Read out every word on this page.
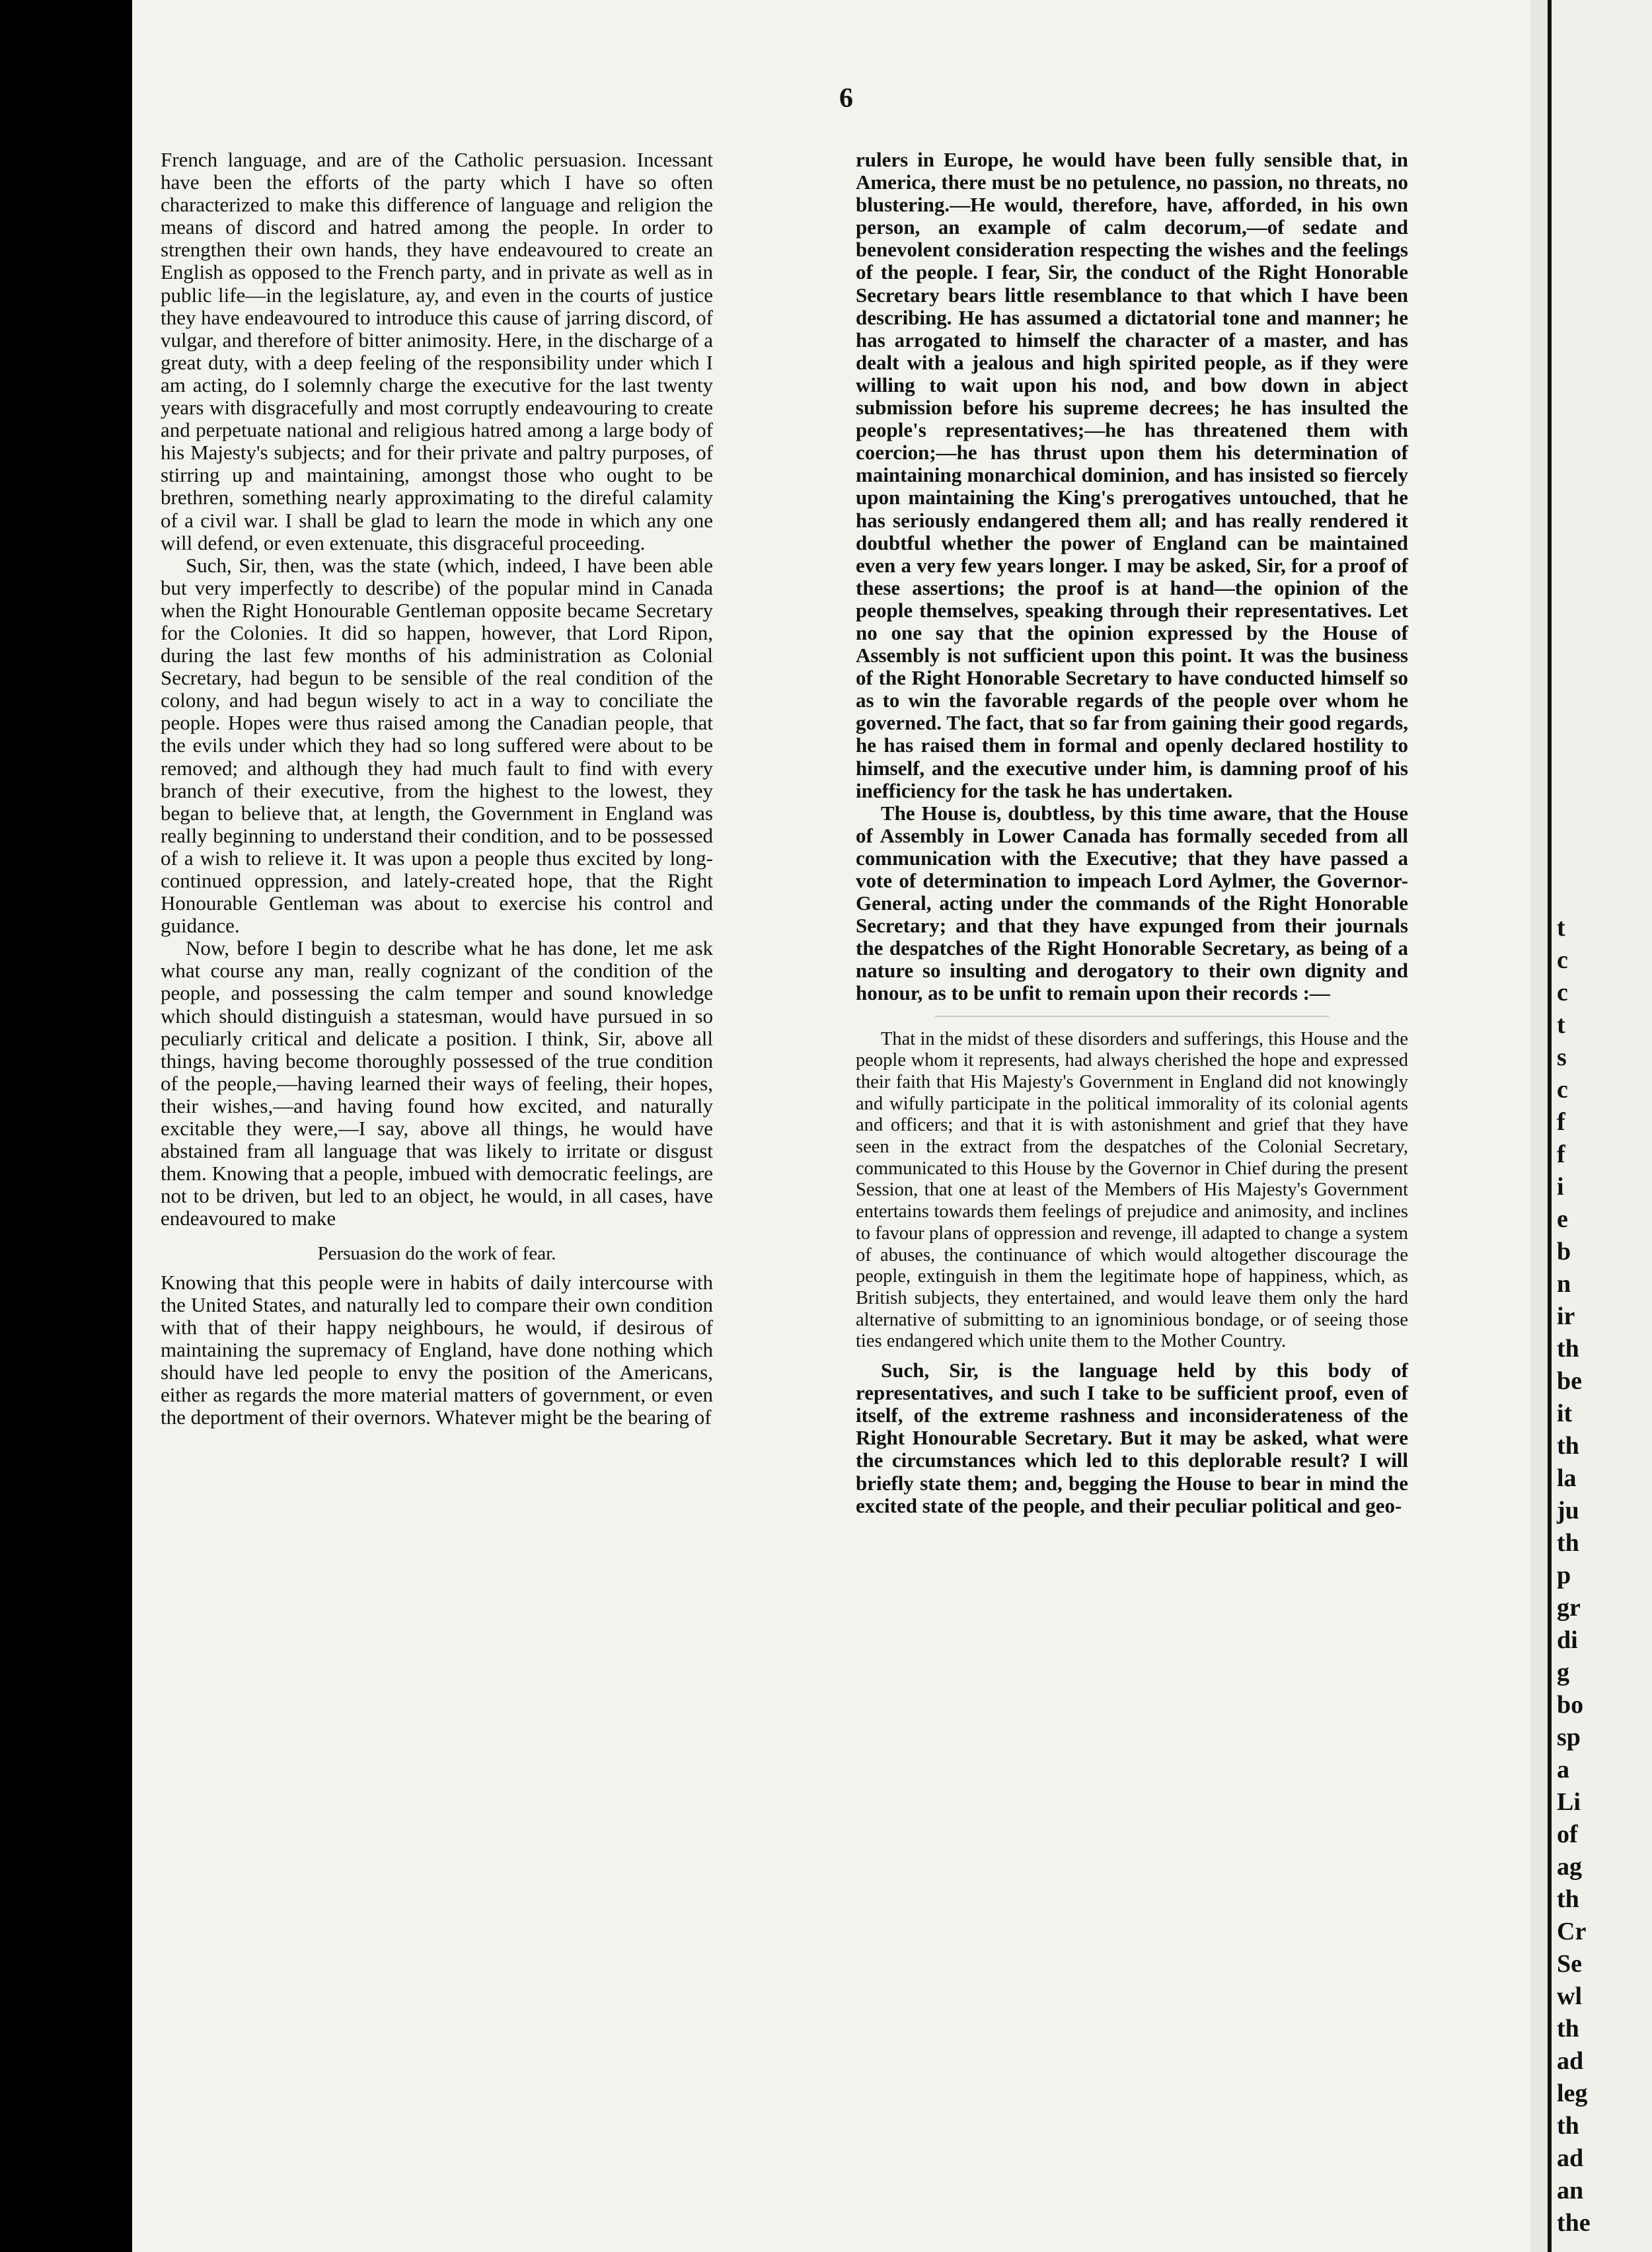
t
c
c
t
s
c
f
f
i
e
b
n
ir
th
be
it
th
la
ju
th
p
gr
di
g
bo
sp
a
Li
of
ag
th
Cr
Se
wl
th
ad
leg
th
ad
an
the
6

French language, and are of the Catholic persuasion. Incessant have been the efforts of the party which I have so often characterized to make this difference of language and religion the means of discord and hatred among the people. In order to strengthen their own hands, they have endeavoured to create an English as opposed to the French party, and in private as well as in public life—in the legislature, ay, and even in the courts of justice they have endeavoured to introduce this cause of jarring discord, of vulgar, and therefore of bitter animosity. Here, in the discharge of a great duty, with a deep feeling of the responsibility under which I am acting, do I solemnly charge the executive for the last twenty years with disgracefully and most corruptly endeavouring to create and perpetuate national and religious hatred among a large body of his Majesty's subjects; and for their private and paltry purposes, of stirring up and maintaining, amongst those who ought to be brethren, something nearly approximating to the direful calamity of a civil war. I shall be glad to learn the mode in which any one will defend, or even extenuate, this disgraceful proceeding.

Such, Sir, then, was the state (which, indeed, I have been able but very imperfectly to describe) of the popular mind in Canada when the Right Honourable Gentleman opposite became Secretary for the Colonies. It did so happen, however, that Lord Ripon, during the last few months of his administration as Colonial Secretary, had begun to be sensible of the real condition of the colony, and had begun wisely to act in a way to conciliate the people. Hopes were thus raised among the Canadian people, that the evils under which they had so long suffered were about to be removed; and although they had much fault to find with every branch of their executive, from the highest to the lowest, they began to believe that, at length, the Government in England was really beginning to understand their condition, and to be possessed of a wish to relieve it. It was upon a people thus excited by long-continued oppression, and lately-created hope, that the Right Honourable Gentleman was about to exercise his control and guidance.

Now, before I begin to describe what he has done, let me ask what course any man, really cognizant of the condition of the people, and possessing the calm temper and sound knowledge which should distinguish a statesman, would have pursued in so peculiarly critical and delicate a position. I think, Sir, above all things, having become thoroughly possessed of the true condition of the people,—having learned their ways of feeling, their hopes, their wishes,—and having found how excited, and naturally excitable they were,—I say, above all things, he would have abstained fram all language that was likely to irritate or disgust them. Knowing that a people, imbued with democratic feelings, are not to be driven, but led to an object, he would, in all cases, have endeavoured to make

Persuasion do the work of fear.

Knowing that this people were in habits of daily intercourse with the United States, and naturally led to compare their own condition with that of their happy neighbours, he would, if desirous of maintaining the supremacy of England, have done nothing which should have led people to envy the position of the Americans, either as regards the more material matters of government, or even the deportment of their overnors. Whatever might be the bearing of

rulers in Europe, he would have been fully sensible that, in America, there must be no petulence, no passion, no threats, no blustering.—He would, therefore, have, afforded, in his own person, an example of calm decorum,—of sedate and benevolent consideration respecting the wishes and the feelings of the people. I fear, Sir, the conduct of the Right Honorable Secretary bears little resemblance to that which I have been describing. He has assumed a dictatorial tone and manner; he has arrogated to himself the character of a master, and has dealt with a jealous and high spirited people, as if they were willing to wait upon his nod, and bow down in abject submission before his supreme decrees; he has insulted the people's representatives;—he has threatened them with coercion;—he has thrust upon them his determination of maintaining monarchical dominion, and has insisted so fiercely upon maintaining the King's prerogatives untouched, that he has seriously endangered them all; and has really rendered it doubtful whether the power of England can be maintained even a very few years longer. I may be asked, Sir, for a proof of these assertions; the proof is at hand—the opinion of the people themselves, speaking through their representatives. Let no one say that the opinion expressed by the House of Assembly is not sufficient upon this point. It was the business of the Right Honorable Secretary to have conducted himself so as to win the favorable regards of the people over whom he governed. The fact, that so far from gaining their good regards, he has raised them in formal and openly declared hostility to himself, and the executive under him, is damning proof of his inefficiency for the task he has undertaken.

The House is, doubtless, by this time aware, that the House of Assembly in Lower Canada has formally seceded from all communication with the Executive; that they have passed a vote of determination to impeach Lord Aylmer, the Governor-General, acting under the commands of the Right Honorable Secretary; and that they have expunged from their journals the despatches of the Right Honorable Secretary, as being of a nature so insulting and derogatory to their own dignity and honour, as to be unfit to remain upon their records :—

That in the midst of these disorders and sufferings, this House and the people whom it represents, had always cherished the hope and expressed their faith that His Majesty's Government in England did not knowingly and wifully participate in the political immorality of its colonial agents and officers; and that it is with astonishment and grief that they have seen in the extract from the despatches of the Colonial Secretary, communicated to this House by the Governor in Chief during the present Session, that one at least of the Members of His Majesty's Government entertains towards them feelings of prejudice and animosity, and inclines to favour plans of oppression and revenge, ill adapted to change a system of abuses, the continuance of which would altogether discourage the people, extinguish in them the legitimate hope of happiness, which, as British subjects, they entertained, and would leave them only the hard alternative of submitting to an ignominious bondage, or of seeing those ties endangered which unite them to the Mother Country.

Such, Sir, is the language held by this body of representatives, and such I take to be sufficient proof, even of itself, of the extreme rashness and inconsiderateness of the Right Honourable Secretary. But it may be asked, what were the circumstances which led to this deplorable result? I will briefly state them; and, begging the House to bear in mind the excited state of the people, and their peculiar political and geo-
